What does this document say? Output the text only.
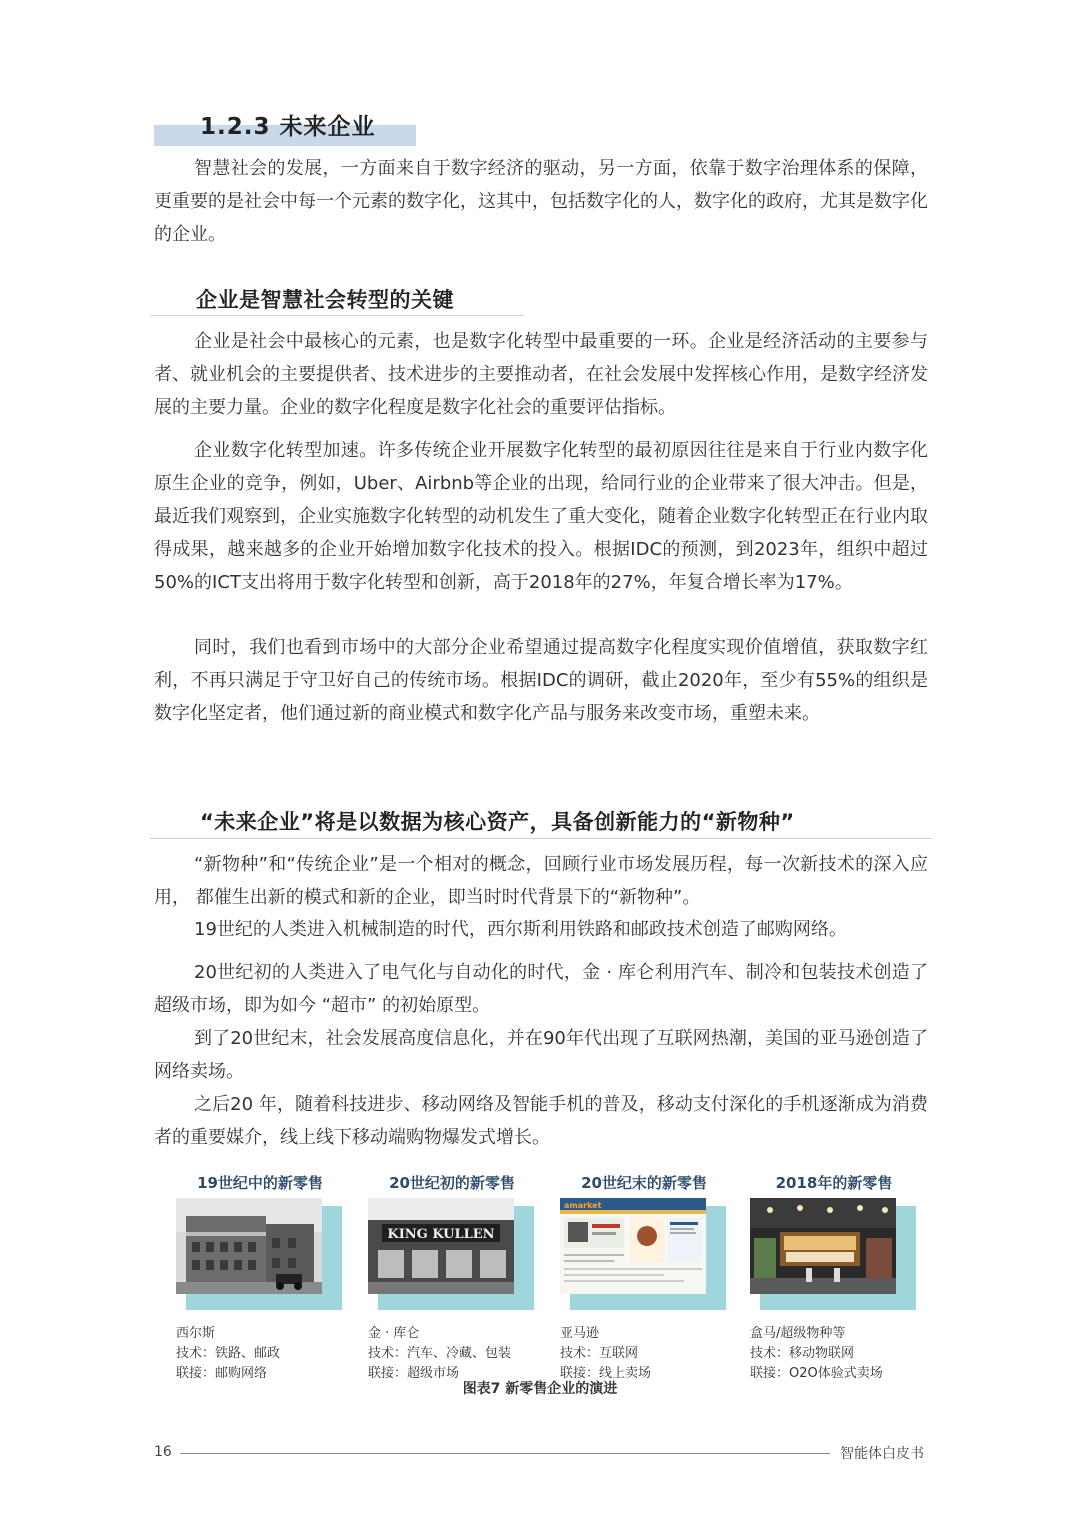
1.2.3 未来企业

智慧社会的发展，一方面来自于数字经济的驱动，另一方面，依靠于数字治理体系的保障，更重要的是社会中每一个元素的数字化，这其中，包括数字化的人，数字化的政府，尤其是数字化的企业。

企业是智慧社会转型的关键

企业是社会中最核心的元素，也是数字化转型中最重要的一环。企业是经济活动的主要参与者、就业机会的主要提供者、技术进步的主要推动者，在社会发展中发挥核心作用，是数字经济发展的主要力量。企业的数字化程度是数字化社会的重要评估指标。

企业数字化转型加速。许多传统企业开展数字化转型的最初原因往往是来自于行业内数字化原生企业的竞争，例如，Uber、Airbnb等企业的出现，给同行业的企业带来了很大冲击。但是，最近我们观察到，企业实施数字化转型的动机发生了重大变化，随着企业数字化转型正在行业内取得成果，越来越多的企业开始增加数字化技术的投入。根据IDC的预测，到2023年，组织中超过50%的ICT支出将用于数字化转型和创新，高于2018年的27%，年复合增长率为17%。

同时，我们也看到市场中的大部分企业希望通过提高数字化程度实现价值增值，获取数字红利，不再只满足于守卫好自己的传统市场。根据IDC的调研，截止2020年，至少有55%的组织是数字化坚定者，他们通过新的商业模式和数字化产品与服务来改变市场，重塑未来。

“未来企业”将是以数据为核心资产，具备创新能力的“新物种”

“新物种”和“传统企业”是一个相对的概念，回顾行业市场发展历程，每一次新技术的深入应用， 都催生出新的模式和新的企业，即当时时代背景下的“新物种”。

19世纪的人类进入机械制造的时代，西尔斯利用铁路和邮政技术创造了邮购网络。

20世纪初的人类进入了电气化与自动化的时代，金 · 库仑利用汽车、制冷和包装技术创造了超级市场，即为如今 “超市” 的初始原型。

到了20世纪末，社会发展高度信息化，并在90年代出现了互联网热潮，美国的亚马逊创造了网络卖场。

之后20 年，随着科技进步、移动网络及智能手机的普及，移动支付深化的手机逐渐成为消费者的重要媒介，线上线下移动端购物爆发式增长。

19世纪中的新零售
西尔斯
技术：铁路、邮政
联接：邮购网络
20世纪初的新零售
KING KULLEN
金 · 库仑
技术：汽车、冷藏、包装
联接：超级市场
20世纪末的新零售
amarket
亚马逊
技术：互联网
联接：线上卖场
2018年的新零售
盒马/超级物种等
技术：移动物联网
联接：O2O体验式卖场
图表7 新零售企业的演进
16	智能体白皮书
